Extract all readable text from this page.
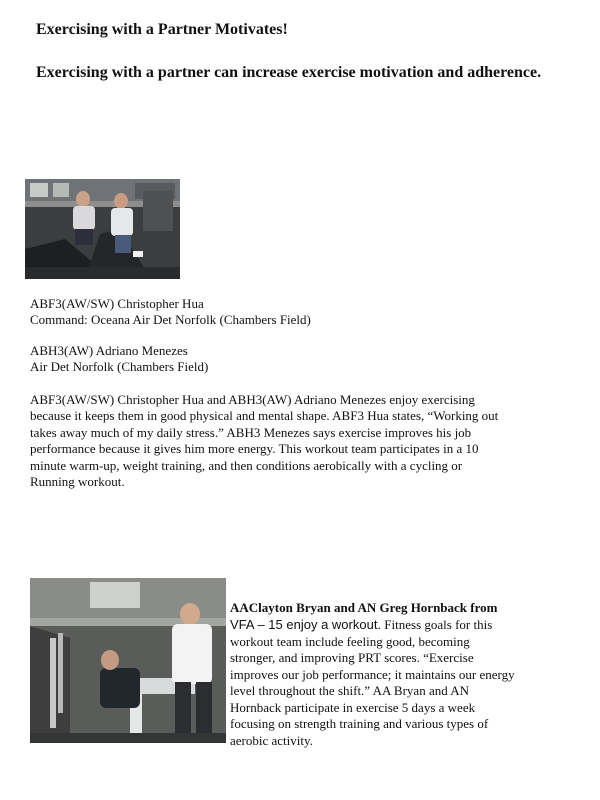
Exercising with a Partner Motivates!
Exercising with a partner can increase exercise motivation and adherence.
ABF3(AW/SW) Christopher Hua
Command: Oceana Air Det Norfolk (Chambers Field)
ABH3(AW) Adriano Menezes
Air Det Norfolk (Chambers Field)
ABF3(AW/SW) Christopher Hua and ABH3(AW) Adriano Menezes enjoy exercising because it keeps them in good physical and mental shape. ABF3 Hua states, “Working out takes away much of my daily stress.” ABH3 Menezes says exercise improves his job performance because it gives him more energy. This workout team participates in a 10 minute warm-up, weight training, and then conditions aerobically with a cycling or Running workout.
AAClayton Bryan and AN Greg Hornback from
VFA – 15 enjoy a workout. Fitness goals for this workout team include feeling good, becoming stronger, and improving PRT scores. “Exercise improves our job performance; it maintains our energy level throughout the shift.” AA Bryan and AN Hornback participate in exercise 5 days a week focusing on strength training and various types of aerobic activity.
